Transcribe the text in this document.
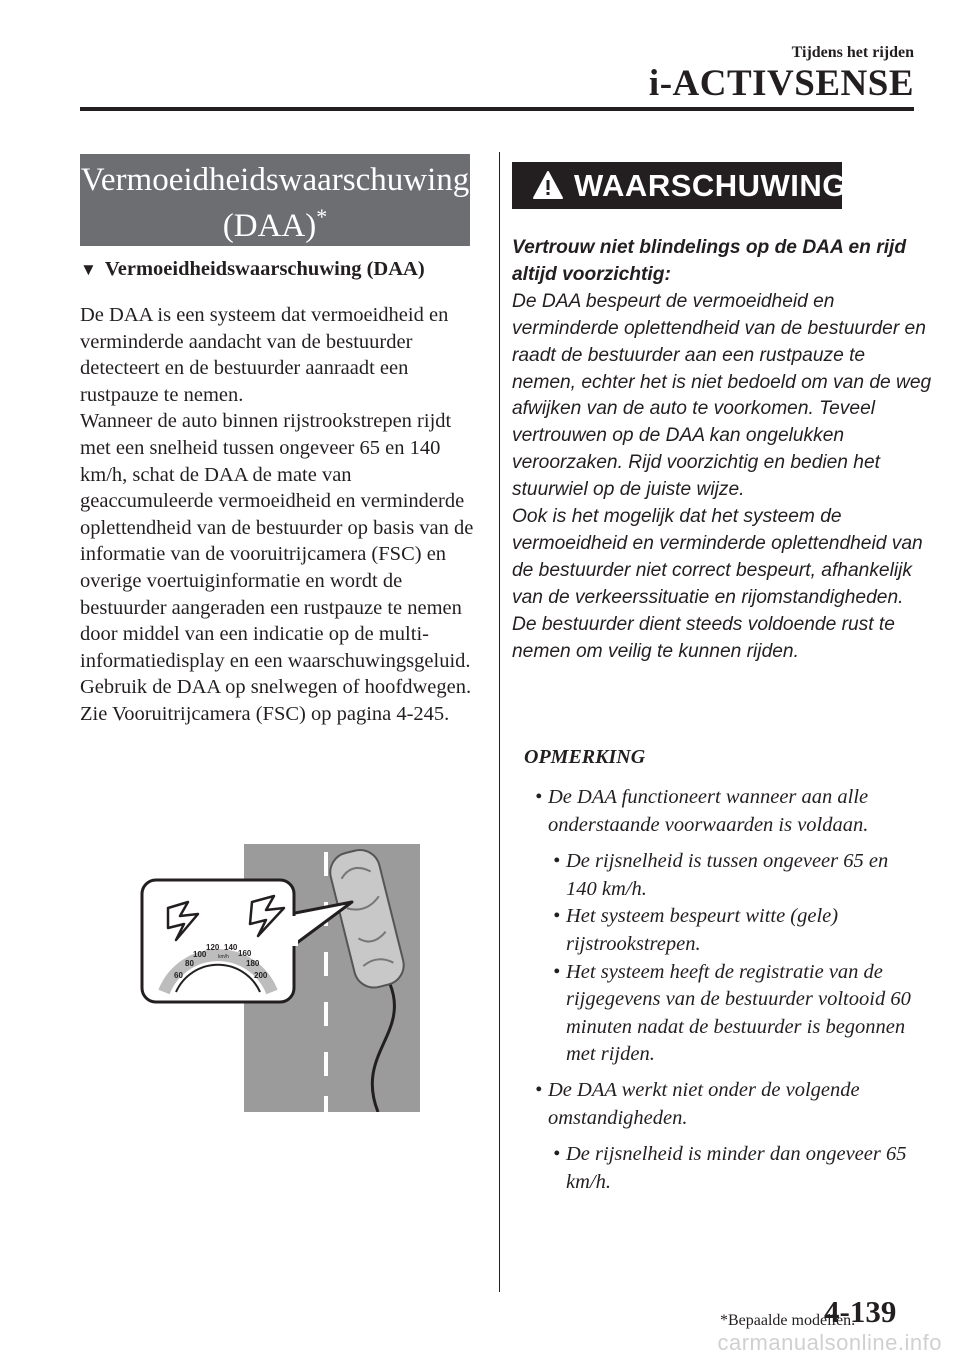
Tijdens het rijden
i-ACTIVSENSE
Vermoeidheidswaarschuwing
(DAA)*
▼ Vermoeidheidswaarschuwing (DAA)

De DAA is een systeem dat vermoeidheid en verminderde aandacht van de bestuurder detecteert en de bestuurder aanraadt een rustpauze te nemen.

Wanneer de auto binnen rijstrookstrepen rijdt met een snelheid tussen ongeveer 65 en 140 km/h, schat de DAA de mate van geaccumuleerde vermoeidheid en verminderde oplettendheid van de bestuurder op basis van de informatie van de vooruitrijcamera (FSC) en overige voertuiginformatie en wordt de bestuurder aangeraden een rustpauze te nemen door middel van een indicatie op de multi-informatiedisplay en een waarschuwingsgeluid.

Gebruik de DAA op snelwegen of hoofdwegen.

Zie Vooruitrijcamera (FSC) op pagina 4-245.

60
80
100
120 140
160
180
200
km/h
WAARSCHUWING

Vertrouw niet blindelings op de DAA en rijd altijd voorzichtig:

De DAA bespeurt de vermoeidheid en verminderde oplettendheid van de bestuurder en raadt de bestuurder aan een rustpauze te nemen, echter het is niet bedoeld om van de weg afwijken van de auto te voorkomen. Teveel vertrouwen op de DAA kan ongelukken veroorzaken. Rijd voorzichtig en bedien het stuurwiel op de juiste wijze.

Ook is het mogelijk dat het systeem de vermoeidheid en verminderde oplettendheid van de bestuurder niet correct bespeurt, afhankelijk van de verkeerssituatie en rijomstandigheden. De bestuurder dient steeds voldoende rust te nemen om veilig te kunnen rijden.

OPMERKING
• De DAA functioneert wanneer aan alle onderstaande voorwaarden is voldaan.
• De rijsnelheid is tussen ongeveer 65 en 140 km/h.
• Het systeem bespeurt witte (gele) rijstrookstrepen.
• Het systeem heeft de registratie van de rijgegevens van de bestuurder voltooid 60 minuten nadat de bestuurder is begonnen met rijden.
• De DAA werkt niet onder de volgende omstandigheden.
• De rijsnelheid is minder dan ongeveer 65 km/h.
*Bepaalde modellen.
4-139
carmanualsonline.info
